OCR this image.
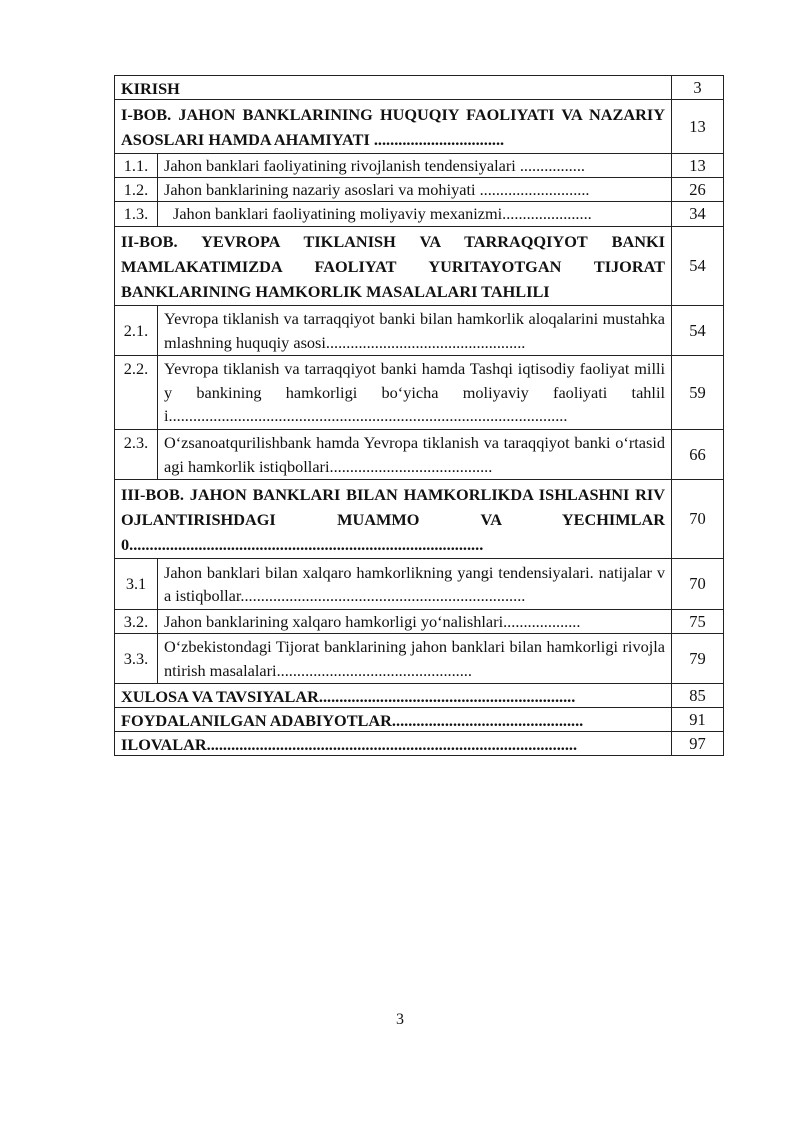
KIRISH		3
I-BOB. JAHON BANKLARINING HUQUQIY FAOLIYATI VA NAZARIY ASOSLARI HAMDA AHAMIYATI ................................		13
1.1.	Jahon banklari faoliyatining rivojlanish tendensiyalari ................	13
1.2.	Jahon banklarining nazariy asoslari va mohiyati ...........................	26
1.3.	Jahon banklari faoliyatining moliyaviy mexanizmi......................	34
II-BOB. YEVROPA TIKLANISH VA TARRAQQIYOT BANKI MAMLAKATIMIZDA FAOLIYAT YURITAYOTGAN TIJORAT BANKLARINING HAMKORLIK MASALALARI TAHLILI		54
2.1.	Yevropa tiklanish va tarraqqiyot banki bilan hamkorlik aloqalarini mustahkamlashning huquqiy asosi.................................................	54
2.2.	Yevropa tiklanish va tarraqqiyot banki hamda Tashqi iqtisodiy faoliyat milliy bankining hamkorligi bo‘yicha moliyaviy faoliyati tahlili..................................................................................................	59
2.3.	O‘zsanoatqurilishbank hamda Yevropa tiklanish va taraqqiyot banki o‘rtasidagi hamkorlik istiqbollari........................................	66
III-BOB. JAHON BANKLARI BILAN HAMKORLIKDA ISHLASHNI RIVOJLANTIRISHDAGI MUAMMO VA YECHIMLAR0.......................................................................................		70
3.1	Jahon banklari bilan xalqaro hamkorlikning yangi tendensiyalari. natijalar va istiqbollar......................................................................	70
3.2.	Jahon banklarining xalqaro hamkorligi yo‘nalishlari...................	75
3.3.	O‘zbekistondagi Tijorat banklarining jahon banklari bilan hamkorligi rivojlantirish masalalari................................................	79

XULOSA VA TAVSIYALAR...............................................................		85

FOYDALANILGAN ADABIYOTLAR...............................................		91

ILOVALAR...........................................................................................		97
3
